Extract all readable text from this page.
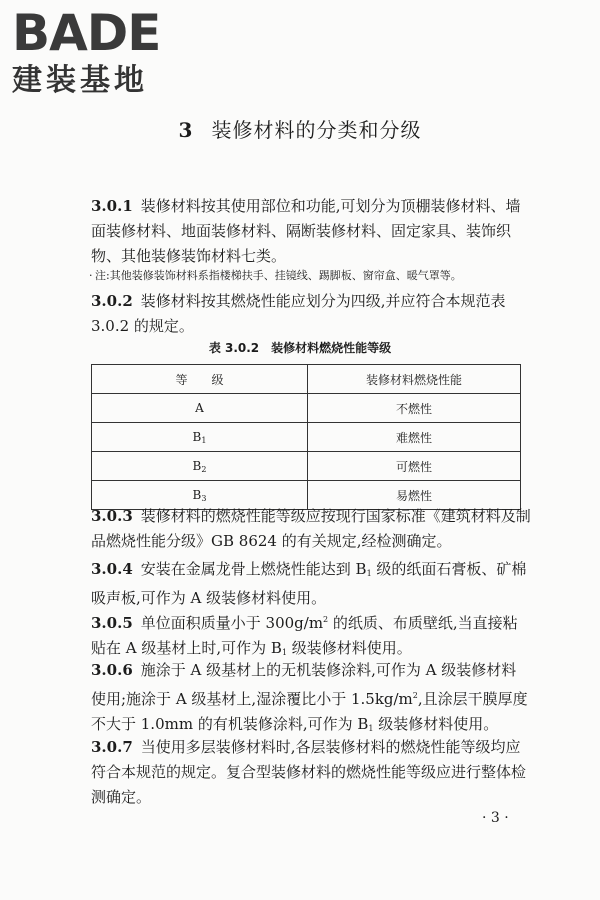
BADE
建装基地
3 装修材料的分类和分级
3.0.1 装修材料按其使用部位和功能,可划分为顶棚装修材料、墙面装修材料、地面装修材料、隔断装修材料、固定家具、装饰织物、其他装修装饰材料七类。
· 注:其他装修装饰材料系指楼梯扶手、挂镜线、踢脚板、窗帘盒、暖气罩等。
3.0.2 装修材料按其燃烧性能应划分为四级,并应符合本规范表 3.0.2 的规定。
表 3.0.2　装修材料燃烧性能等级
等　　级	装修材料燃烧性能
A	不燃性
$B_1$	难燃性
$B_2$	可燃性
$B_3$	易燃性
3.0.3 装修材料的燃烧性能等级应按现行国家标准《建筑材料及制品燃烧性能分级》GB 8624 的有关规定,经检测确定。
3.0.4 安装在金属龙骨上燃烧性能达到 $B_1$ 级的纸面石膏板、矿棉吸声板,可作为 A 级装修材料使用。
3.0.5 单位面积质量小于 $300g/m^2$ 的纸质、布质壁纸,当直接粘贴在 A 级基材上时,可作为 $B_1$ 级装修材料使用。
3.0.6 施涂于 A 级基材上的无机装修涂料,可作为 A 级装修材料使用;施涂于 A 级基材上,湿涂覆比小于 $1.5kg/m^2$,且涂层干膜厚度不大于 1.0mm 的有机装修涂料,可作为 $B_1$ 级装修材料使用。
3.0.7 当使用多层装修材料时,各层装修材料的燃烧性能等级均应符合本规范的规定。复合型装修材料的燃烧性能等级应进行整体检测确定。
· 3 ·
